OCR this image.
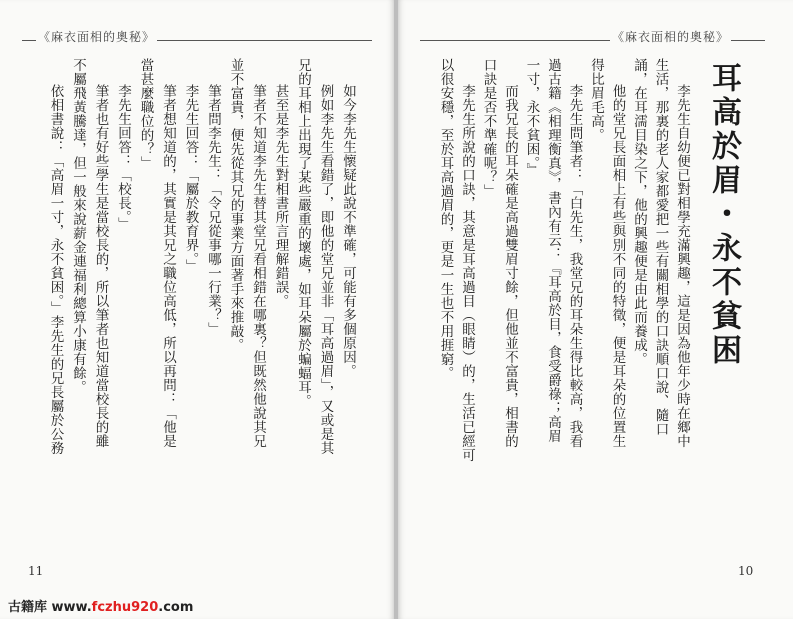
《麻衣面相的奧秘》	《麻衣面相的奧秘》
耳高於眉・永不貧困
李先生自幼便已對相學充滿興趣，這是因為他年少時在鄉中
生活，那裏的老人家都愛把一些有關相學的口訣順口說、隨口
誦，在耳濡目染之下，他的興趣便是由此而養成。
他的堂兄長面相上有些與別不同的特徵，便是耳朵的位置生
得比眉毛高。
李先生問筆者：「白先生，我堂兄的耳朵生得比較高，我看
過古籍《相理衡真》，書內有云：『耳高於目，食受爵祿；高眉
一寸，永不貧困。』
而我兄長的耳朵確是高過雙眉寸餘，但他並不富貴，相書的
口訣是否不準確呢？」
李先生所說的口訣，其意是耳高過目（眼睛）的，生活已經可
以很安穩，至於耳高過眉的，更是一生也不用捱窮。
如今李先生懷疑此說不準確，可能有多個原因。
例如李先生看錯了，即他的堂兄並非「耳高過眉」，又或是其
兄的耳相上出現了某些嚴重的壞處，如耳朵屬於蝙蝠耳。
甚至是李先生對相書所言理解錯誤。
筆者不知道李先生替其堂兄看相錯在哪裏？但既然他說其兄
並不富貴，便先從其兄的事業方面著手來推敲。
筆者問李先生：「令兄從事哪一行業？」
李先生回答：「屬於教育界。」
筆者想知道的，其實是其兄之職位高低，所以再問：「他是
當甚麼職位的？」
李先生回答：「校長。」
筆者也有好些學生是當校長的，所以筆者也知道當校長的雖
不屬飛黃騰達，但一般來說薪金連福利總算小康有餘。
依相書說：「高眉一寸，永不貧困。」李先生的兄長屬於公務
11	10
古籍库 www.fczhu920.com
